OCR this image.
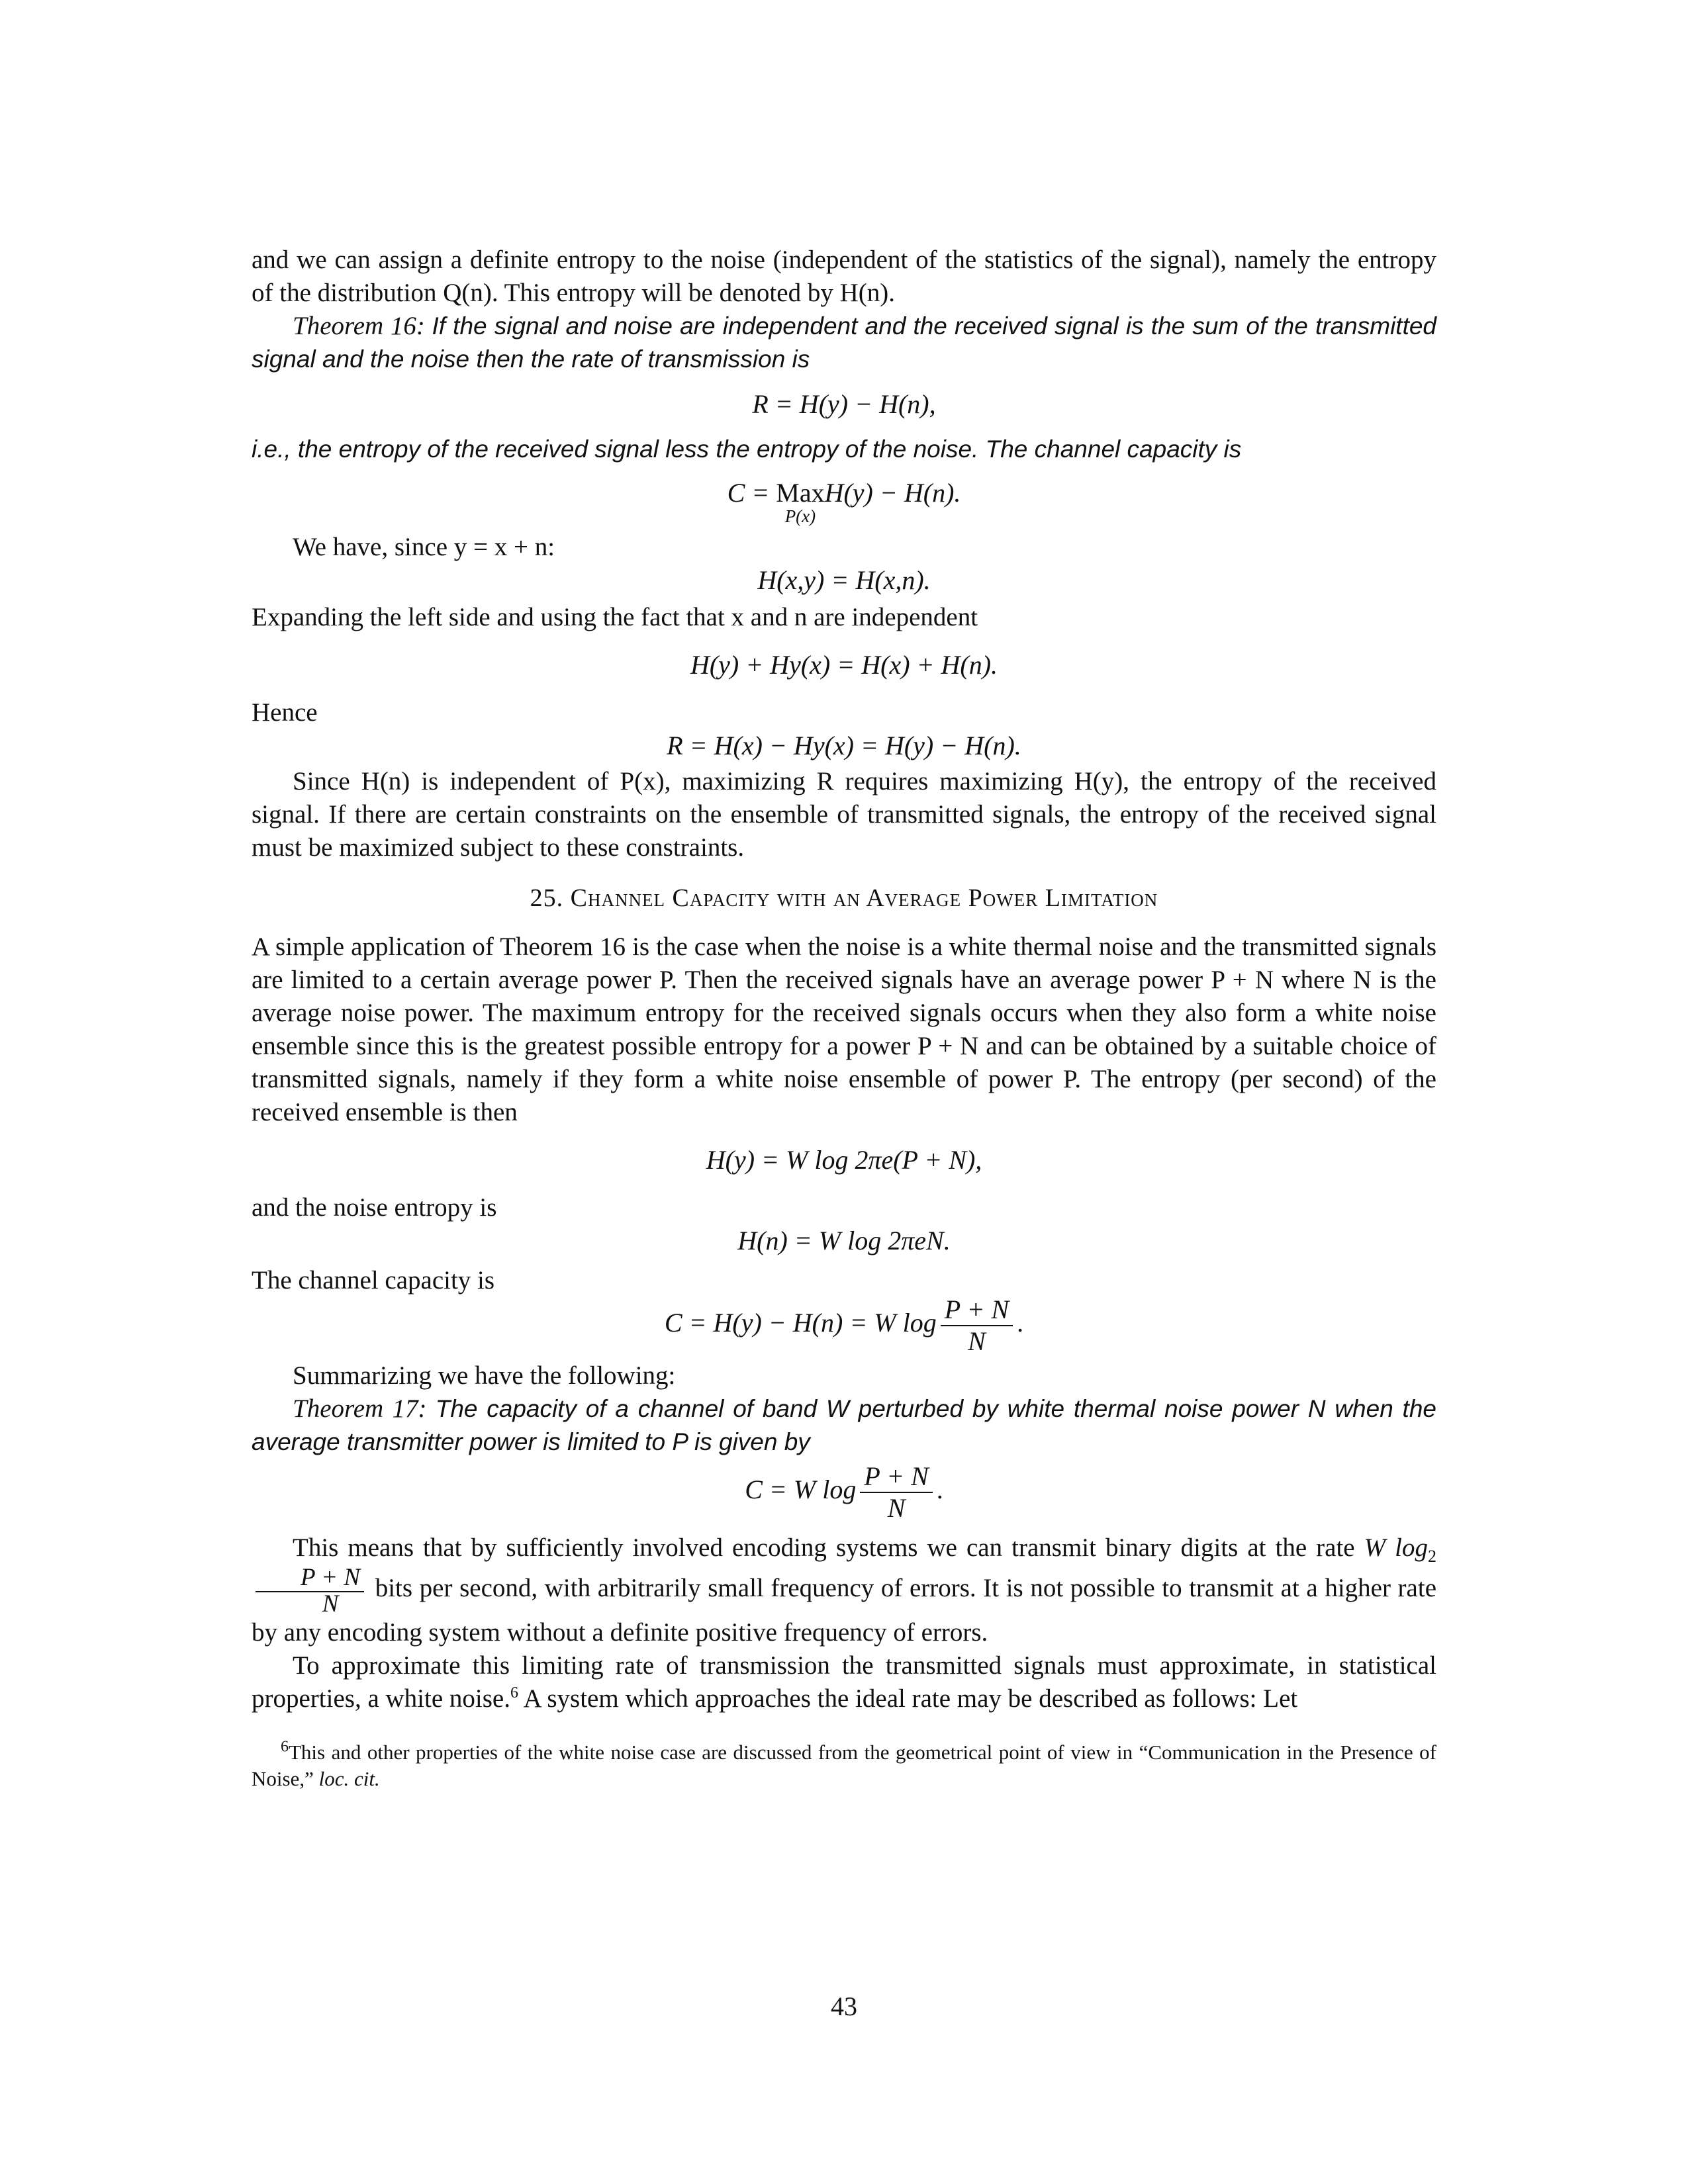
and we can assign a definite entropy to the noise (independent of the statistics of the signal), namely the entropy of the distribution Q(n). This entropy will be denoted by H(n).

Theorem 16: If the signal and noise are independent and the received signal is the sum of the transmitted signal and the noise then the rate of transmission is

R = H(y) − H(n),

i.e., the entropy of the received signal less the entropy of the noise. The channel capacity is

C = Max
P(x)
H(y) − H(n).

We have, since y = x + n:

H(x,y) = H(x,n).

Expanding the left side and using the fact that x and n are independent

H(y) + Hy(x) = H(x) + H(n).

Hence

R = H(x) − Hy(x) = H(y) − H(n).

Since H(n) is independent of P(x), maximizing R requires maximizing H(y), the entropy of the received signal. If there are certain constraints on the ensemble of transmitted signals, the entropy of the received signal must be maximized subject to these constraints.

25. Channel Capacity with an Average Power Limitation

A simple application of Theorem 16 is the case when the noise is a white thermal noise and the transmitted signals are limited to a certain average power P. Then the received signals have an average power P + N where N is the average noise power. The maximum entropy for the received signals occurs when they also form a white noise ensemble since this is the greatest possible entropy for a power P + N and can be obtained by a suitable choice of transmitted signals, namely if they form a white noise ensemble of power P. The entropy (per second) of the received ensemble is then

H(y) = W log 2πe(P + N),

and the noise entropy is

H(n) = W log 2πeN.

The channel capacity is

C = H(y) − H(n) = W $\log \frac{P + N}{N}$ .

Summarizing we have the following:

Theorem 17: The capacity of a channel of band W perturbed by white thermal noise power N when the average transmitter power is limited to P is given by

C = W $\log \frac{P + N}{N}$ .

This means that by sufficiently involved encoding systems we can transmit binary digits at the rate W $\log_2$
$\frac{P + N}{N}$ bits per second, with arbitrarily small frequency of errors. It is not possible to transmit at a higher rate by any encoding system without a definite positive frequency of errors.

To approximate this limiting rate of transmission the transmitted signals must approximate, in statistical properties, a white noise.$^6$ A system which approaches the ideal rate may be described as follows: Let

$^6$This and other properties of the white noise case are discussed from the geometrical point of view in “Communication in the Presence of Noise,” loc. cit.

43
